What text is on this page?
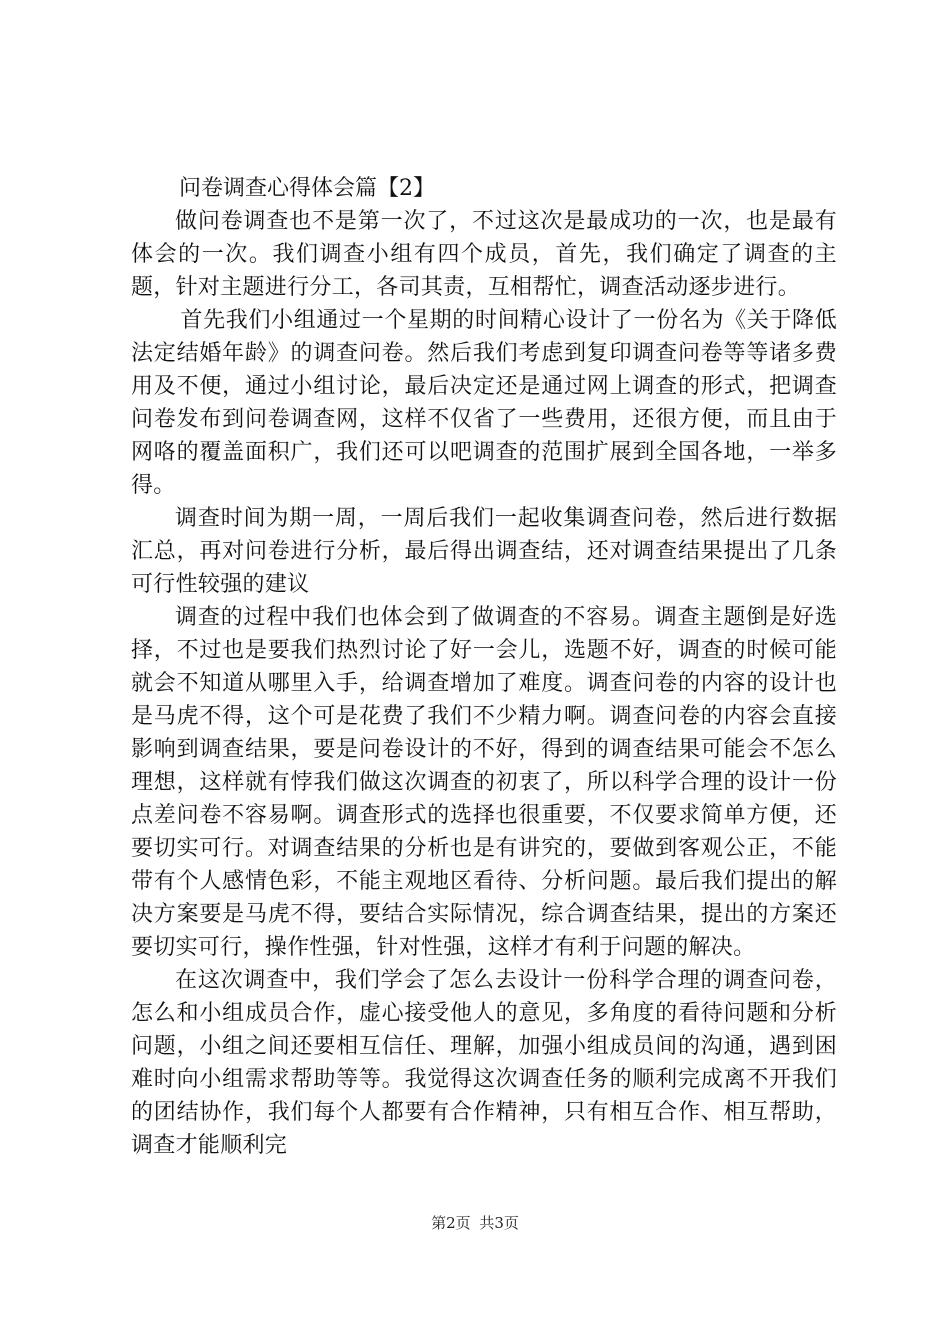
问卷调查心得体会篇【2】

做问卷调查也不是第一次了，不过这次是最成功的一次，也是最有体会的一次。我们调查小组有四个成员，首先，我们确定了调查的主题，针对主题进行分工，各司其责，互相帮忙，调查活动逐步进行。

首先我们小组通过一个星期的时间精心设计了一份名为《关于降低法定结婚年龄》的调查问卷。然后我们考虑到复印调查问卷等等诸多费用及不便，通过小组讨论，最后决定还是通过网上调查的形式，把调查问卷发布到问卷调查网，这样不仅省了一些费用，还很方便，而且由于网咯的覆盖面积广，我们还可以吧调查的范围扩展到全国各地，一举多得。

调查时间为期一周，一周后我们一起收集调查问卷，然后进行数据汇总，再对问卷进行分析，最后得出调查结，还对调查结果提出了几条可行性较强的建议

调查的过程中我们也体会到了做调查的不容易。调查主题倒是好选择，不过也是要我们热烈讨论了好一会儿，选题不好，调查的时候可能就会不知道从哪里入手，给调查增加了难度。调查问卷的内容的设计也是马虎不得，这个可是花费了我们不少精力啊。调查问卷的内容会直接影响到调查结果，要是问卷设计的不好，得到的调查结果可能会不怎么理想，这样就有悖我们做这次调查的初衷了，所以科学合理的设计一份点差问卷不容易啊。调查形式的选择也很重要，不仅要求简单方便，还要切实可行。对调查结果的分析也是有讲究的，要做到客观公正，不能带有个人感情色彩，不能主观地区看待、分析问题。最后我们提出的解决方案要是马虎不得，要结合实际情况，综合调查结果，提出的方案还要切实可行，操作性强，针对性强，这样才有利于问题的解决。

在这次调查中，我们学会了怎么去设计一份科学合理的调查问卷，怎么和小组成员合作，虚心接受他人的意见，多角度的看待问题和分析问题，小组之间还要相互信任、理解，加强小组成员间的沟通，遇到困难时向小组需求帮助等等。我觉得这次调查任务的顺利完成离不开我们的团结协作，我们每个人都要有合作精神，只有相互合作、相互帮助，调查才能顺利完

第2页 共3页
